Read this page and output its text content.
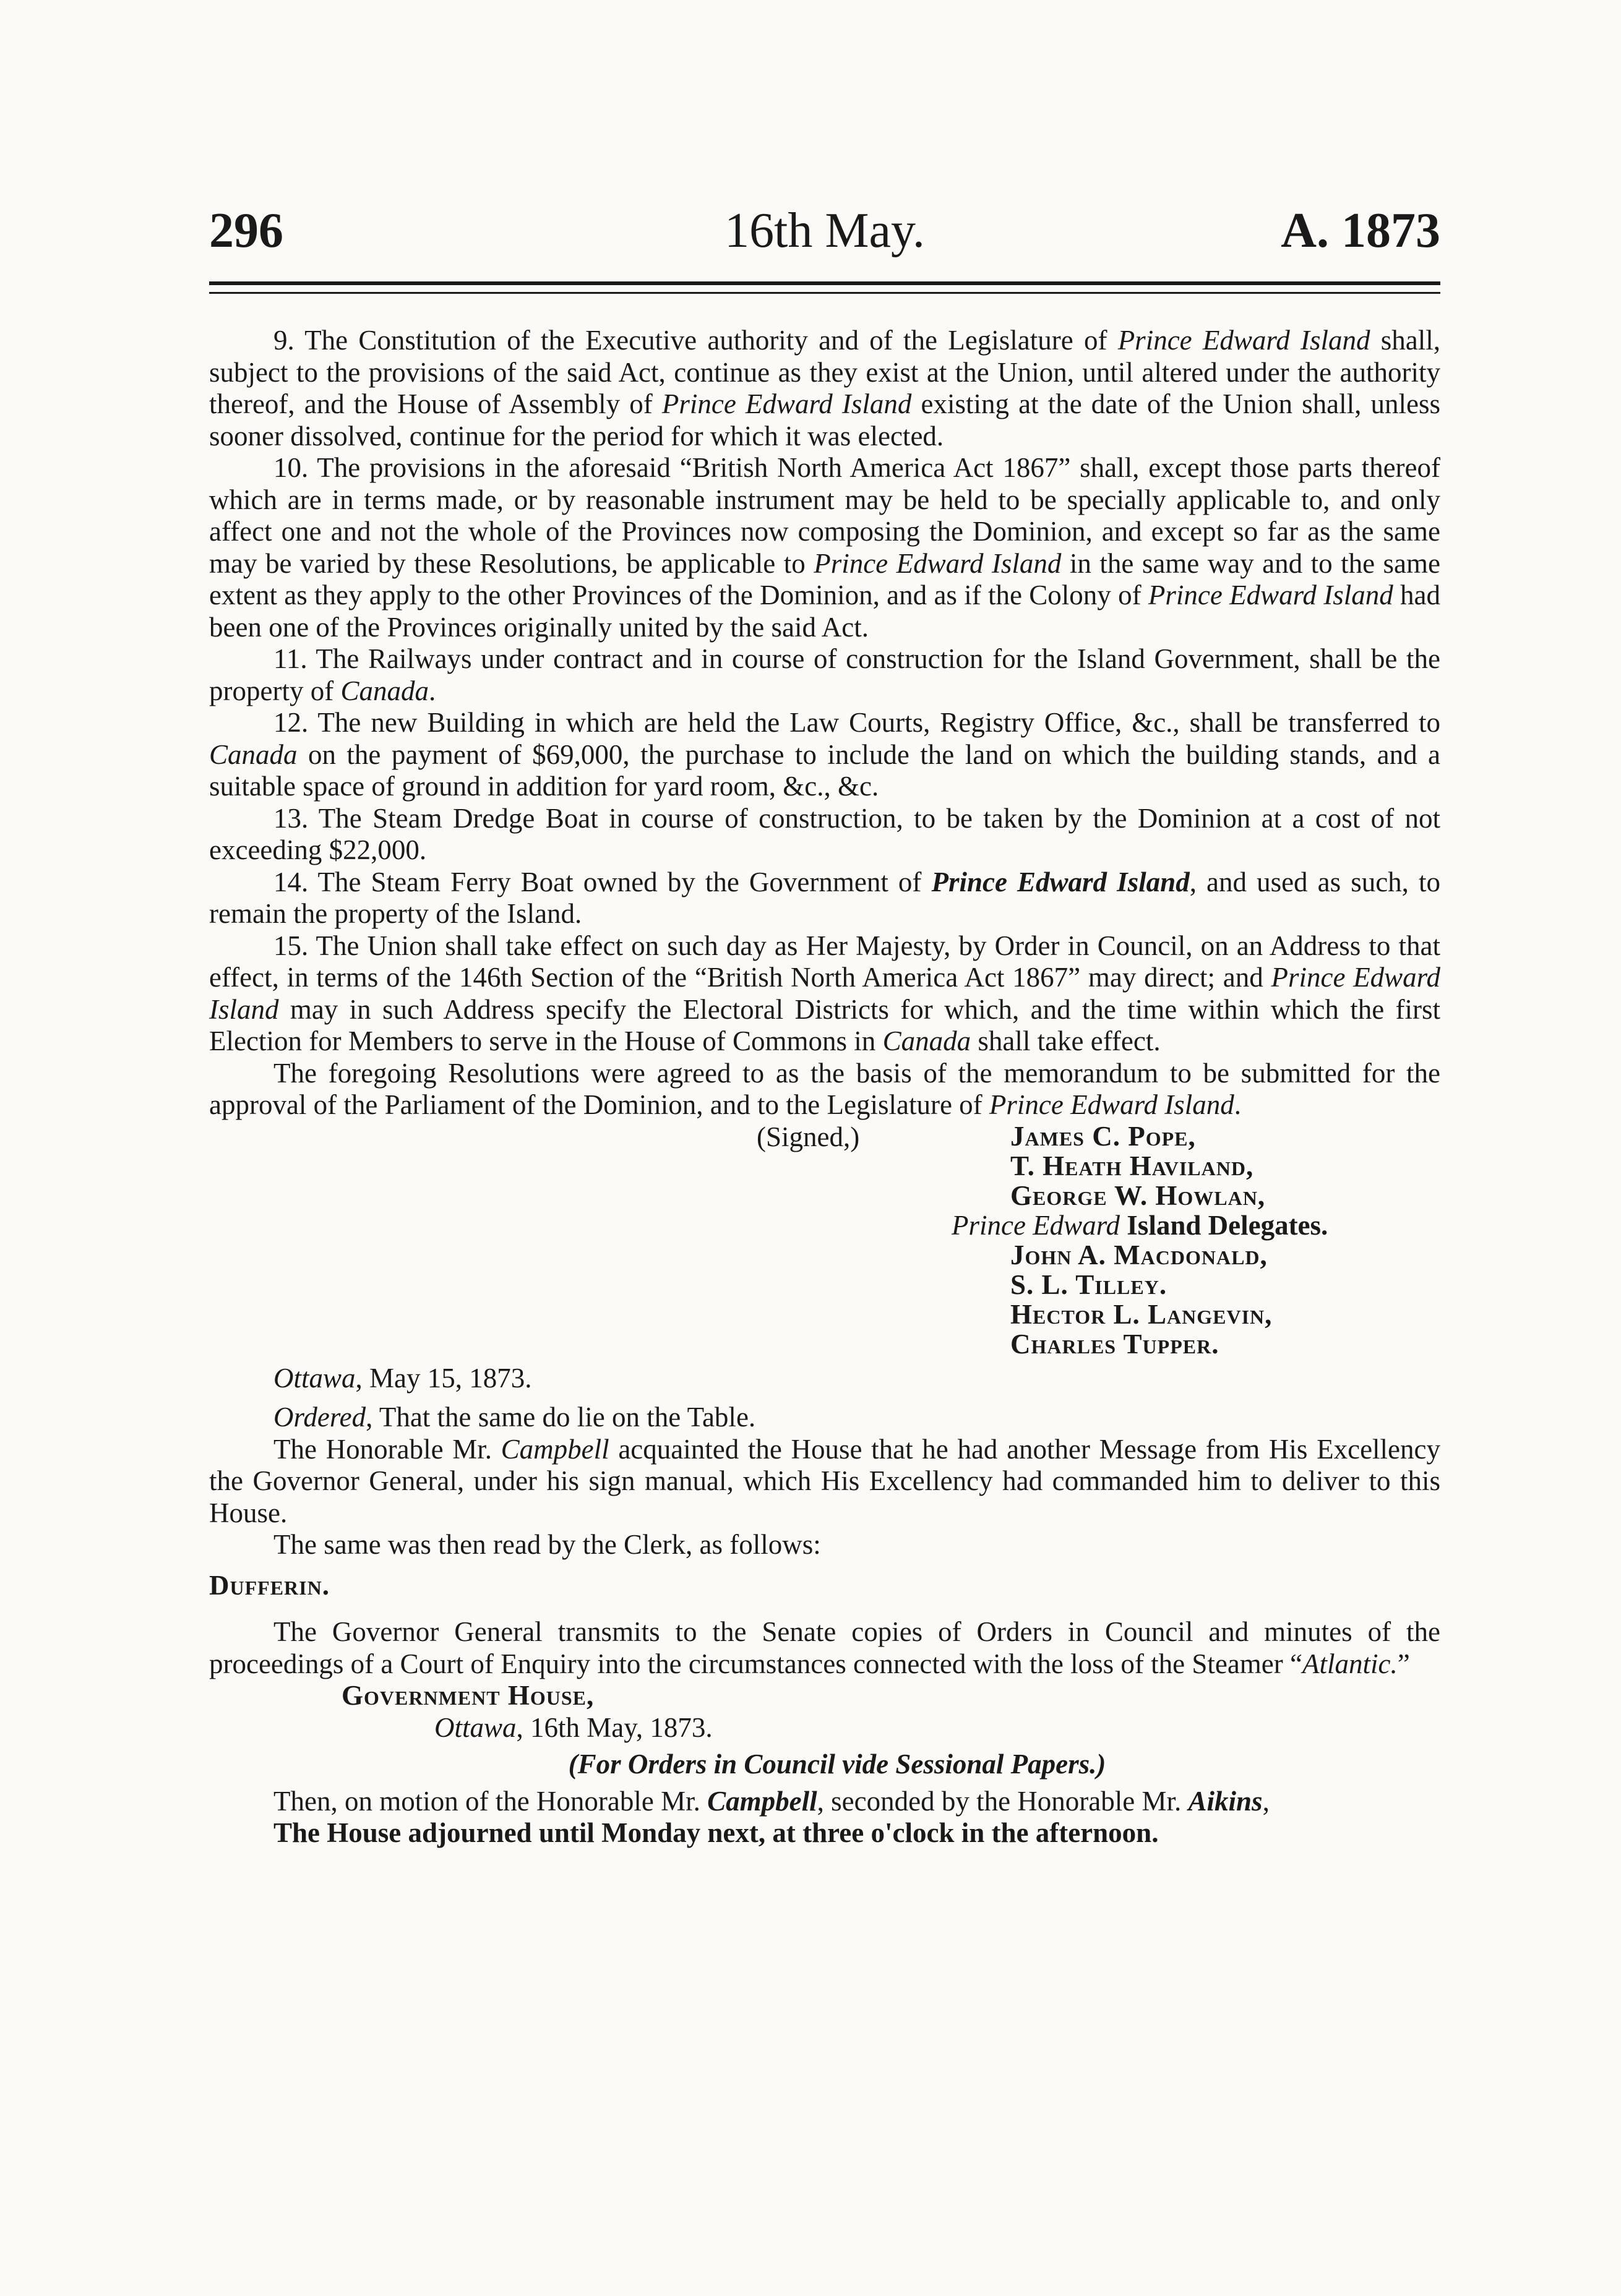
296	16th May.	A. 1873

9. The Constitution of the Executive authority and of the Legislature of Prince Edward Island shall, subject to the provisions of the said Act, continue as they exist at the Union, until altered under the authority thereof, and the House of Assembly of Prince Edward Island existing at the date of the Union shall, unless sooner dissolved, continue for the period for which it was elected.

10. The provisions in the aforesaid “British North America Act 1867” shall, except those parts thereof which are in terms made, or by reasonable instrument may be held to be specially applicable to, and only affect one and not the whole of the Provinces now composing the Dominion, and except so far as the same may be varied by these Resolutions, be applicable to Prince Edward Island in the same way and to the same extent as they apply to the other Provinces of the Dominion, and as if the Colony of Prince Edward Island had been one of the Provinces originally united by the said Act.

11. The Railways under contract and in course of construction for the Island Government, shall be the property of Canada.

12. The new Building in which are held the Law Courts, Registry Office, &c., shall be transferred to Canada on the payment of $69,000, the purchase to include the land on which the building stands, and a suitable space of ground in addition for yard room, &c., &c.

13. The Steam Dredge Boat in course of construction, to be taken by the Dominion at a cost of not exceeding $22,000.

14. The Steam Ferry Boat owned by the Government of Prince Edward Island, and used as such, to remain the property of the Island.

15. The Union shall take effect on such day as Her Majesty, by Order in Council, on an Address to that effect, in terms of the 146th Section of the “British North America Act 1867” may direct; and Prince Edward Island may in such Address specify the Electoral Districts for which, and the time within which the first Election for Members to serve in the House of Commons in Canada shall take effect.

The foregoing Resolutions were agreed to as the basis of the memorandum to be submitted for the approval of the Parliament of the Dominion, and to the Legislature of Prince Edward Island.

(Signed,)	James C. Pope,
T. Heath Haviland,
George W. Howlan,
Prince Edward Island Delegates.
John A. Macdonald,
S. L. Tilley.
Hector L. Langevin,
Charles Tupper.

Ottawa, May 15, 1873.

Ordered, That the same do lie on the Table.

The Honorable Mr. Campbell acquainted the House that he had another Message from His Excellency the Governor General, under his sign manual, which His Excellency had commanded him to deliver to this House.

The same was then read by the Clerk, as follows:

Dufferin.

The Governor General transmits to the Senate copies of Orders in Council and minutes of the proceedings of a Court of Enquiry into the circumstances connected with the loss of the Steamer “Atlantic.”

Government House,
Ottawa, 16th May, 1873.
(For Orders in Council vide Sessional Papers.)

Then, on motion of the Honorable Mr. Campbell, seconded by the Honorable Mr. Aikins,

The House adjourned until Monday next, at three o'clock in the afternoon.
